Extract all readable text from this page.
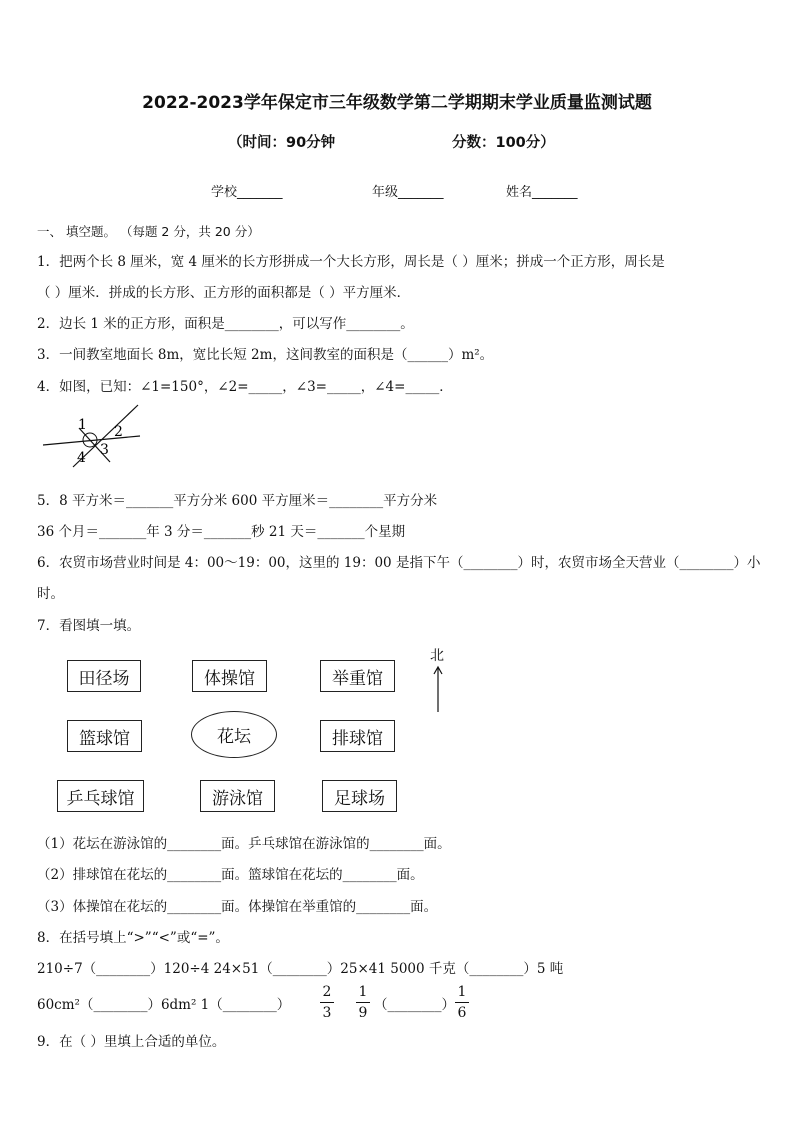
2022-2023学年保定市三年级数学第二学期期末学业质量监测试题
（时间：90分钟	分数：100分）
学校_______	年级_______	姓名_______
一、 填空题。 （每题 2 分，共 20 分）
1．把两个长 8 厘米，宽 4 厘米的长方形拼成一个大长方形，周长是（ ）厘米；拼成一个正方形，周长是
（ ）厘米．拼成的长方形、正方形的面积都是（ ）平方厘米．
2．边长 1 米的正方形，面积是________，可以写作________。
3．一间教室地面长 8m，宽比长短 2m，这间教室的面积是（______）m²。
4．如图，已知：∠1=150°，∠2=_____，∠3=_____，∠4=_____．
1 2
4 3
5．8 平方米＝_______平方分米 600 平方厘米＝________平方分米
36 个月＝_______年 3 分＝_______秒 21 天＝_______个星期
6．农贸市场营业时间是 4：00～19：00，这里的 19：00 是指下午（________）时，农贸市场全天营业（________）小
时。
7．看图填一填。
北
田径场	体操馆	举重馆
篮球馆	花坛	排球馆
乒乓球馆	游泳馆	足球场
（1）花坛在游泳馆的________面。乒乓球馆在游泳馆的________面。
（2）排球馆在花坛的________面。篮球馆在花坛的________面。
（3）体操馆在花坛的________面。体操馆在举重馆的________面。
8．在括号填上“>”“<”或“=”。
210÷7（________）120÷4 24×51（________）25×41 5000 千克（________）5 吨
60cm²（________）6dm² 1（________）
2
3
1
9 （________）
1
6
9．在（ ）里填上合适的单位。
